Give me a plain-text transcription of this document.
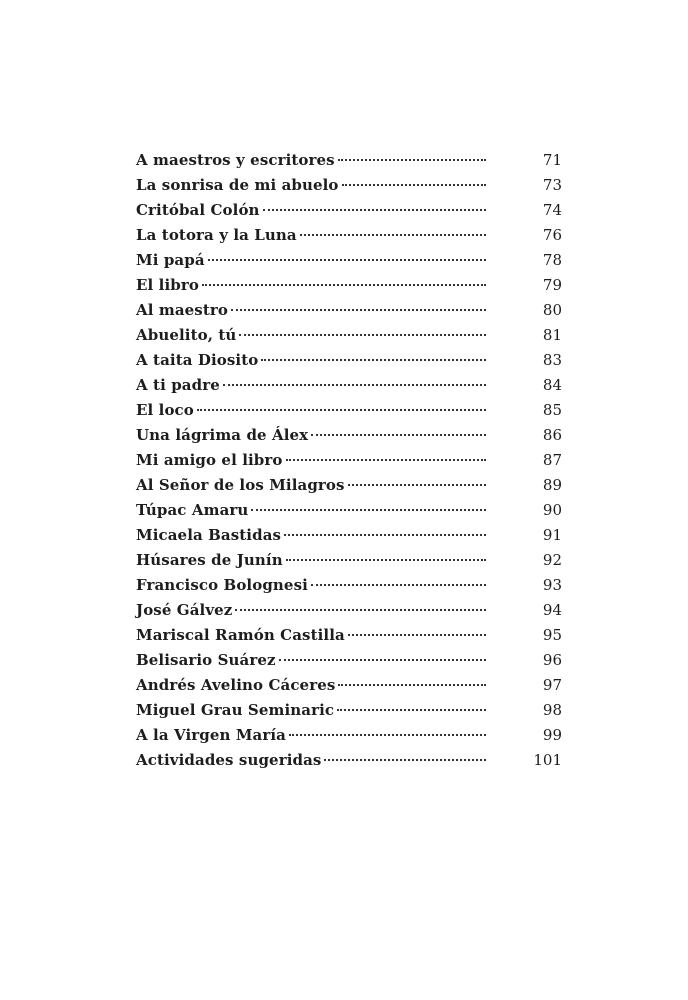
A maestros y escritores	71
La sonrisa de mi abuelo	73
Critóbal Colón	74
La totora y la Luna	76
Mi papá	78
El libro	79
Al maestro	80
Abuelito, tú	81
A taita Diosito	83
A ti padre	84
El loco	85
Una lágrima de Álex	86
Mi amigo el libro	87
Al Señor de los Milagros	89
Túpac Amaru	90
Micaela Bastidas	91
Húsares de Junín	92
Francisco Bolognesi	93
José Gálvez	94
Mariscal Ramón Castilla	95
Belisario Suárez	96
Andrés Avelino Cáceres	97
Miguel Grau Seminaric	98
A la Virgen María	99
Actividades sugeridas	101
